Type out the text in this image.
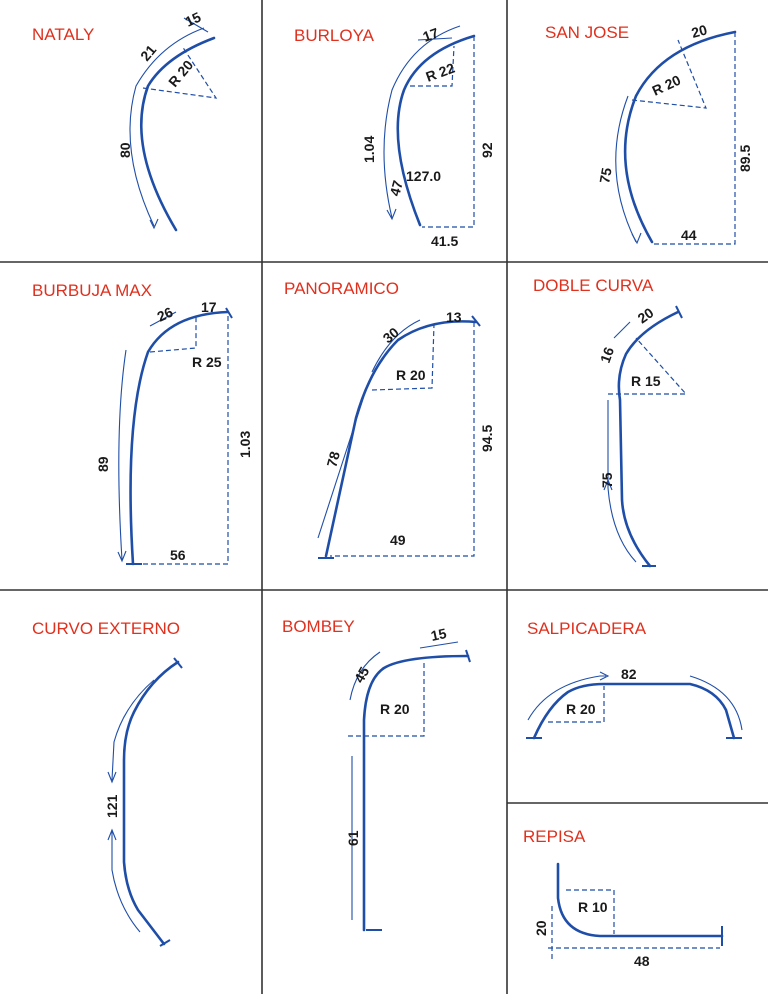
NATALY
15
21
R 20
80
BURLOYA	17
R 22
1.04	92
127.0
47
41.5
SAN JOSE	20
R 20
89.5
75
44
BURBUJA MAX
26 17
R 25
89
1.03
56
PANORAMICO
30
13
R 20
78
94.5
49
DOBLE CURVA
20
16
R 15
75
CURVO EXTERNO
121
BOMBEY	15
45
R 20
61
SALPICADERA
82
R 20
REPISA
R 10
20
48
